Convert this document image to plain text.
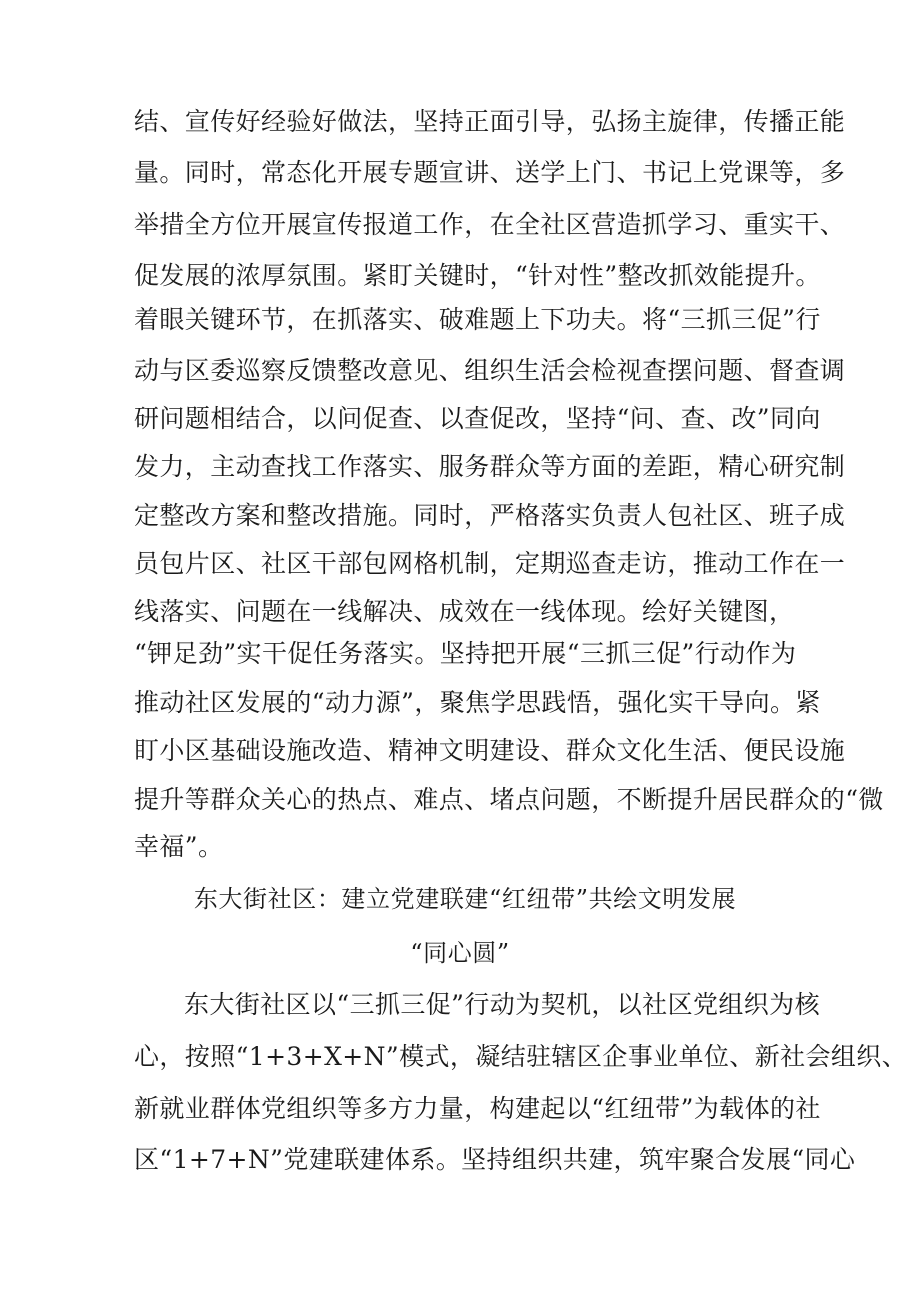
结、宣传好经验好做法，坚持正面引导，弘扬主旋律，传播正能
量。同时，常态化开展专题宣讲、送学上门、书记上党课等，多
举措全方位开展宣传报道工作，在全社区营造抓学习、重实干、
促发展的浓厚氛围。紧盯关键时，“针对性”整改抓效能提升。
着眼关键环节，在抓落实、破难题上下功夫。将“三抓三促”行
动与区委巡察反馈整改意见、组织生活会检视查摆问题、督查调
研问题相结合，以问促查、以查促改，坚持“问、查、改”同向
发力，主动查找工作落实、服务群众等方面的差距，精心研究制
定整改方案和整改措施。同时，严格落实负责人包社区、班子成
员包片区、社区干部包网格机制，定期巡查走访，推动工作在一
线落实、问题在一线解决、成效在一线体现。绘好关键图，
“钾足劲”实干促任务落实。坚持把开展“三抓三促”行动作为
推动社区发展的“动力源”，聚焦学思践悟，强化实干导向。紧
盯小区基础设施改造、精神文明建设、群众文化生活、便民设施
提升等群众关心的热点、难点、堵点问题，不断提升居民群众的“微
幸福”。
东大街社区：建立党建联建“红纽带”共绘文明发展
“同心圆”
东大街社区以“三抓三促”行动为契机，以社区党组织为核
心，按照“1+3+X+N”模式，凝结驻辖区企事业单位、新社会组织、
新就业群体党组织等多方力量，构建起以“红纽带”为载体的社
区“1+7+N”党建联建体系。坚持组织共建，筑牢聚合发展“同心
